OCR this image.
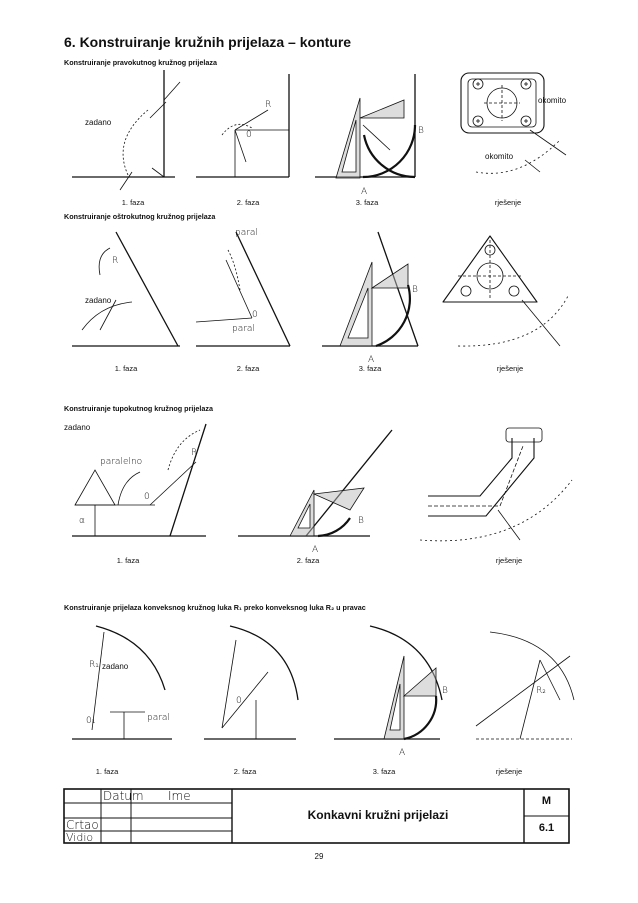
6. Konstruiranje kružnih prijelaza – konture
Konstruiranje pravokutnog kružnog prijelaza
Konstruiranje oštrokutnog kružnog prijelaza
Konstruiranje tupokutnog kružnog prijelaza
Konstruiranje prijelaza konveksnog kružnog luka R₁ preko konveksnog luka R₂ u pravac
1. faza	2. faza	3. faza	rješenje
1. faza	2. faza	3. faza	rješenje
1. faza	2. faza	rješenje
1. faza	2. faza	3. faza	rješenje
zadano
A
B
okomito
okomito
R
0
zadano
paral
paral
A
B
R
0
zadano
paralelno
A
B
R
0
α
zadano
paral
A
B
R₁
R₂
0₁
0
Datum Ime
Crtao
Vidio
Konkavni kružni prijelazi
M
6.1
29
